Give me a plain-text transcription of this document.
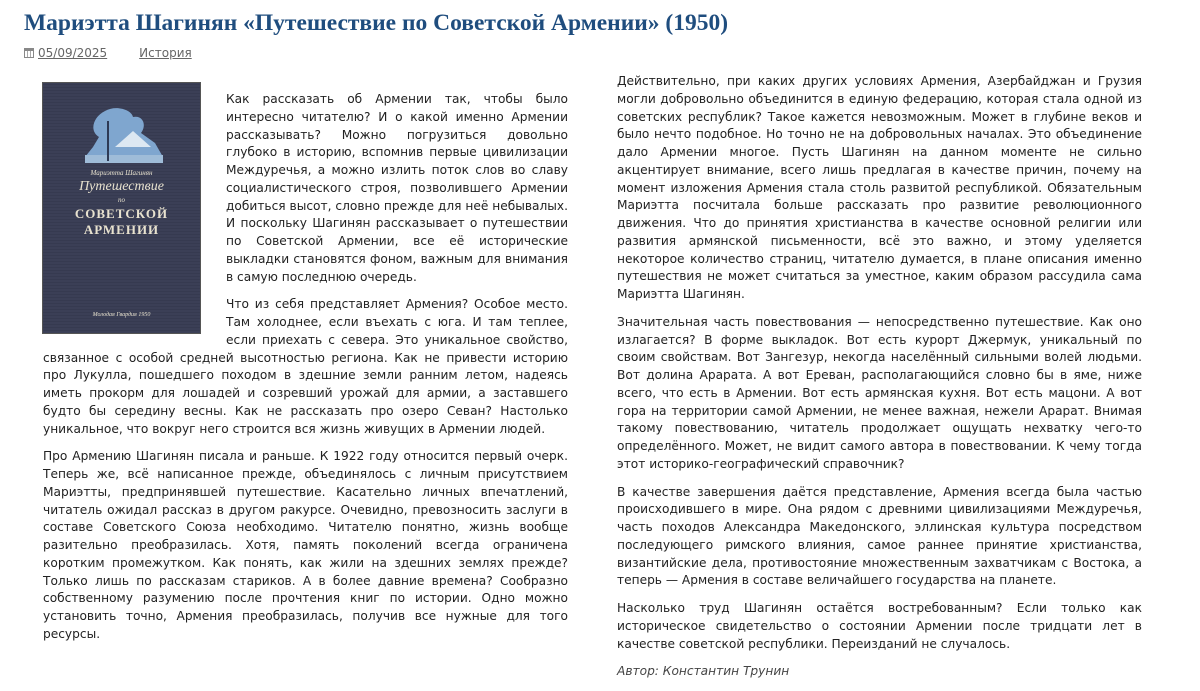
Мариэтта Шагинян «Путешествие по Советской Армении» (1950)
05/09/2025	История
Мариэтта Шагинян
Путешествие
по
СОВЕТСКОЙ
АРМЕНИИ
Молодая Гвардия 1950

Как рассказать об Армении так, чтобы было интересно читателю? И о какой именно Армении рассказывать? Можно погрузиться довольно глубоко в историю, вспомнив первые цивилизации Междуречья, а можно излить поток слов во славу социалистического строя, позволившего Армении добиться высот, словно прежде для неё небывалых. И поскольку Шагинян рассказывает о путешествии по Советской Армении, все её исторические выкладки становятся фоном, важным для внимания в самую последнюю очередь.

Что из себя представляет Армения? Особое место. Там холоднее, если въехать с юга. И там теплее, если приехать с севера. Это уникальное свойство, связанное с особой средней высотностью региона. Как не привести историю про Лукулла, пошедшего походом в здешние земли ранним летом, надеясь иметь прокорм для лошадей и созревший урожай для армии, а заставшего будто бы середину весны. Как не рассказать про озеро Севан? Настолько уникальное, что вокруг него строится вся жизнь живущих в Армении людей.

Про Армению Шагинян писала и раньше. К 1922 году относится первый очерк. Теперь же, всё написанное прежде, объединялось с личным присутствием Мариэтты, предпринявшей путешествие. Касательно личных впечатлений, читатель ожидал рассказ в другом ракурсе. Очевидно, превозносить заслуги в составе Советского Союза необходимо. Читателю понятно, жизнь вообще разительно преобразилась. Хотя, память поколений всегда ограничена коротким промежутком. Как понять, как жили на здешних землях прежде? Только лишь по рассказам стариков. А в более давние времена? Сообразно собственному разумению после прочтения книг по истории. Одно можно установить точно, Армения преобразилась, получив все нужные для того ресурсы.

Действительно, при каких других условиях Армения, Азербайджан и Грузия могли добровольно объединится в единую федерацию, которая стала одной из советских республик? Такое кажется невозможным. Может в глубине веков и было нечто подобное. Но точно не на добровольных началах. Это объединение дало Армении многое. Пусть Шагинян на данном моменте не сильно акцентирует внимание, всего лишь предлагая в качестве причин, почему на момент изложения Армения стала столь развитой республикой. Обязательным Мариэтта посчитала больше рассказать про развитие революционного движения. Что до принятия христианства в качестве основной религии или развития армянской письменности, всё это важно, и этому уделяется некоторое количество страниц, читателю думается, в плане описания именно путешествия не может считаться за уместное, каким образом рассудила сама Мариэтта Шагинян.

Значительная часть повествования — непосредственно путешествие. Как оно излагается? В форме выкладок. Вот есть курорт Джермук, уникальный по своим свойствам. Вот Зангезур, некогда населённый сильными волей людьми. Вот долина Арарата. А вот Ереван, располагающийся словно бы в яме, ниже всего, что есть в Армении. Вот есть армянская кухня. Вот есть мацони. А вот гора на территории самой Армении, не менее важная, нежели Арарат. Внимая такому повествованию, читатель продолжает ощущать нехватку чего-то определённого. Может, не видит самого автора в повествовании. К чему тогда этот историко-географический справочник?

В качестве завершения даётся представление, Армения всегда была частью происходившего в мире. Она рядом с древними цивилизациями Междуречья, часть походов Александра Македонского, эллинская культура посредством последующего римского влияния, самое раннее принятие христианства, византийские дела, противостояние множественным захватчикам с Востока, а теперь — Армения в составе величайшего государства на планете.

Насколько труд Шагинян остаётся востребованным? Если только как историческое свидетельство о состоянии Армении после тридцати лет в качестве советской республики. Переизданий не случалось.

Автор: Константин Трунин
